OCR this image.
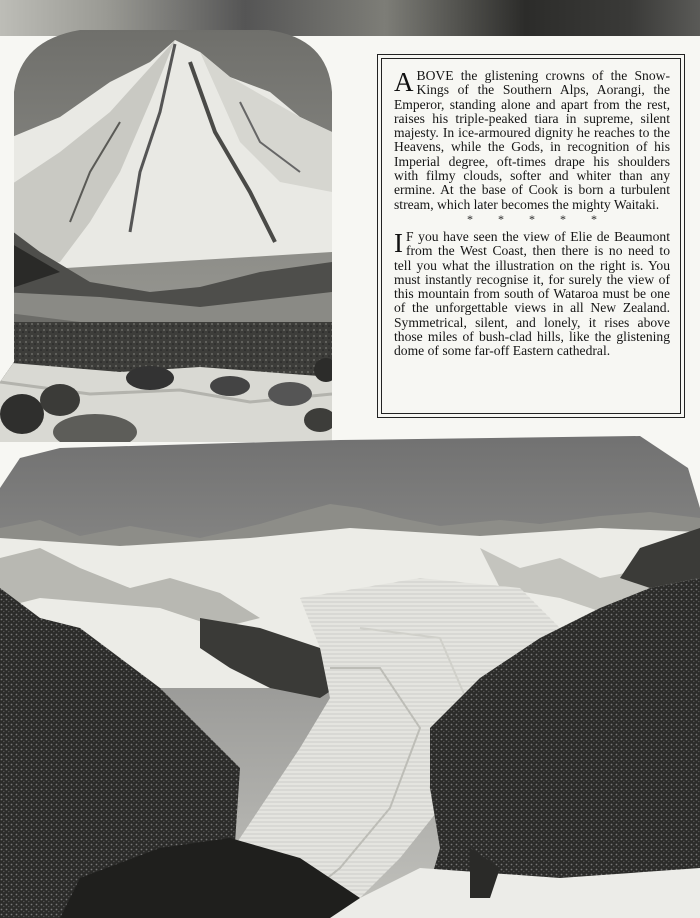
ABOVE the glistening crowns of the Snow-Kings of the Southern Alps, Aorangi, the Emperor, standing alone and apart from the rest, raises his triple-peaked tiara in supreme, silent majesty. In ice-armoured dignity he reaches to the Heavens, while the Gods, in recognition of his Imperial degree, oft-times drape his shoulders with filmy clouds, softer and whiter than any ermine. At the base of Cook is born a turbulent stream, which later becomes the mighty Waitaki.

* * * * *

I F you have seen the view of Elie de Beaumont from the West Coast, then there is no need to tell you what the illustration on the right is. You must instantly recognise it, for surely the view of this mountain from south of Wataroa must be one of the unforgettable views in all New Zealand. Symmetrical, silent, and lonely, it rises above those miles of bush-clad hills, like the glistening dome of some far-off Eastern cathedral.
